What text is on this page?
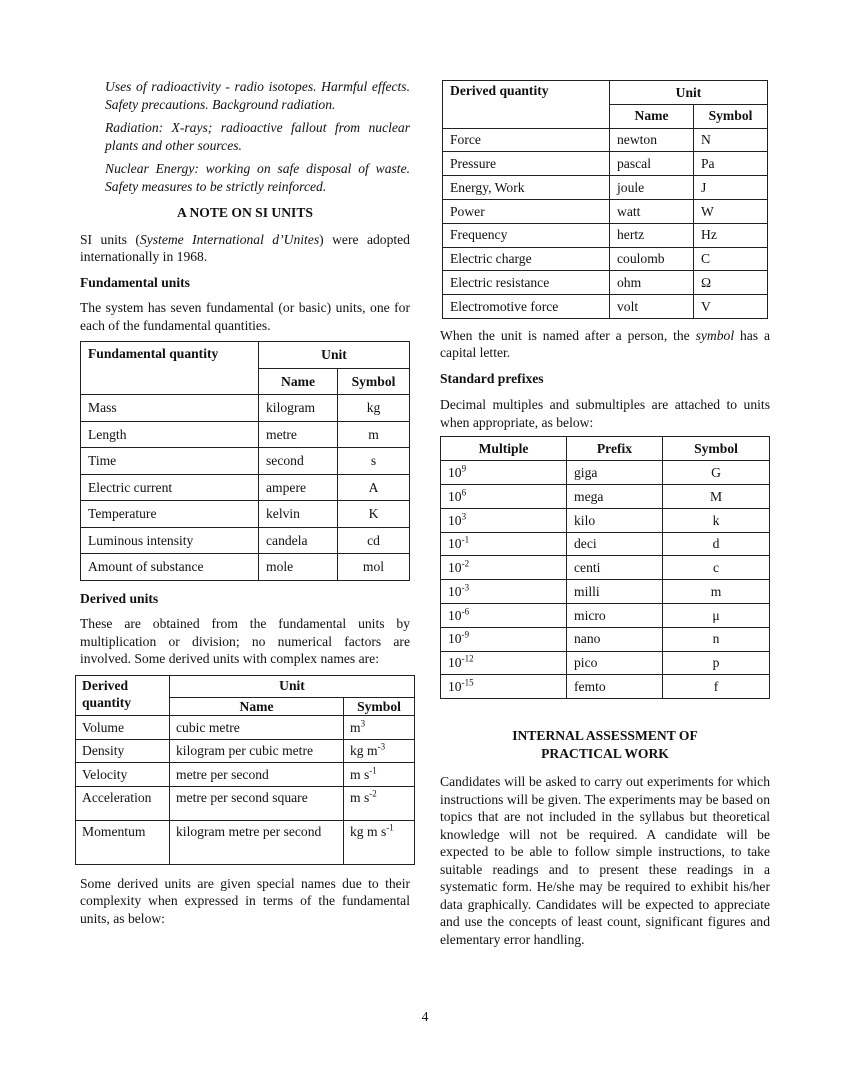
Uses of radioactivity - radio isotopes. Harmful effects. Safety precautions. Background radiation.

Radiation: X-rays; radioactive fallout from nuclear plants and other sources.

Nuclear Energy: working on safe disposal of waste. Safety measures to be strictly reinforced.

A NOTE ON SI UNITS

SI units (Systeme International d’Unites) were adopted internationally in 1968.

Fundamental units

The system has seven fundamental (or basic) units, one for each of the fundamental quantities.

Fundamental quantity	Unit	
	Name	Symbol
Mass	kilogram	kg
Length	metre	m
Time	second	s
Electric current	ampere	A
Temperature	kelvin	K
Luminous intensity	candela	cd
Amount of substance	mole	mol
Derived units

These are obtained from the fundamental units by multiplication or division; no numerical factors are involved. Some derived units with complex names are:

Derived quantity	Unit	
	Name	Symbol
Volume	cubic metre	$m^3$
Density	kilogram per cubic metre	kg $m^{-3}$
Velocity	metre per second	m $s^{-1}$
Acceleration	metre per second square	m $s^{-2}$
Momentum	kilogram metre per second	kg m $s^{-1}$

Some derived units are given special names due to their complexity when expressed in terms of the fundamental units, as below:

Derived quantity	Unit	
	Name	Symbol
Force	newton	N
Pressure	pascal	Pa
Energy, Work	joule	J
Power	watt	W
Frequency	hertz	Hz
Electric charge	coulomb	C
Electric resistance	ohm	Ω
Electromotive force	volt	V

When the unit is named after a person, the symbol has a capital letter.

Standard prefixes

Decimal multiples and submultiples are attached to units when appropriate, as below:

Multiple	Prefix	Symbol
$10^9$	giga	G
$10^6$	mega	M
$10^3$	kilo	k
$10^{-1}$	deci	d
$10^{-2}$	centi	c
$10^{-3}$	milli	m
$10^{-6}$	micro	μ
$10^{-9}$	nano	n
$10^{-12}$	pico	p
$10^{-15}$	femto	f
INTERNAL ASSESSMENT OF
PRACTICAL WORK

Candidates will be asked to carry out experiments for which instructions will be given. The experiments may be based on topics that are not included in the syllabus but theoretical knowledge will not be required. A candidate will be expected to be able to follow simple instructions, to take suitable readings and to present these readings in a systematic form. He/she may be required to exhibit his/her data graphically. Candidates will be expected to appreciate and use the concepts of least count, significant figures and elementary error handling.

4
